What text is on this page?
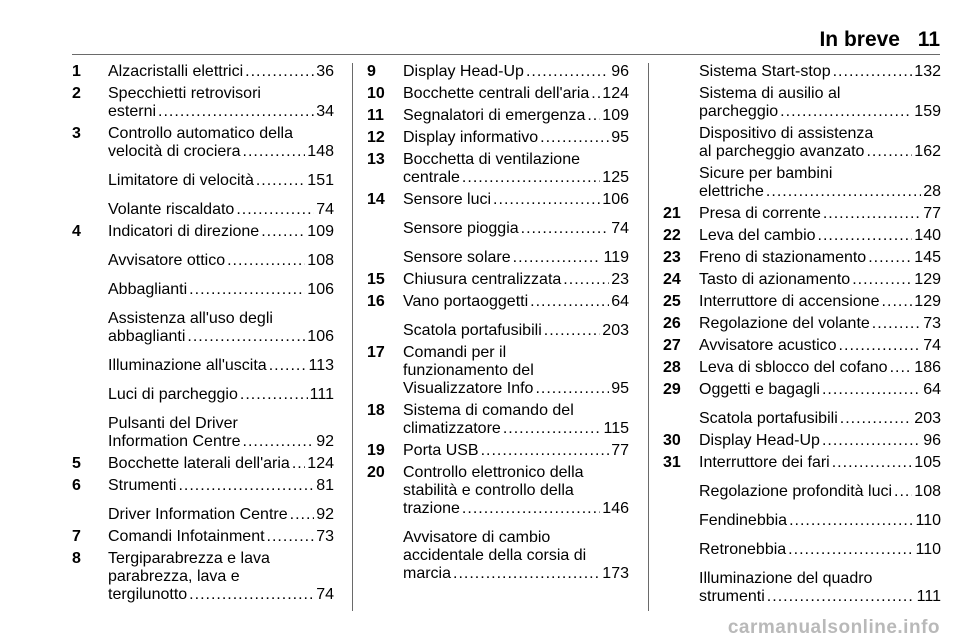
In breve 11
1 Alzacristalli elettrici .....	36
2 Specchietti retrovisori
esterni .....	34
3 Controllo automatico della
velocità di crociera .....	148
Limitatore di velocità .....	151
Volante riscaldato .....	74
4 Indicatori di direzione .....	109
Avvisatore ottico .....	108
Abbaglianti .....	106
Assistenza all'uso degli
abbaglianti .....	106
Illuminazione all'uscita .....	113
Luci di parcheggio .....	111
Pulsanti del Driver
Information Centre .....	92
5 Bocchette laterali dell'aria ..... 124
6 Strumenti .....	81
Driver Information Centre ..... 92
7 Comandi Infotainment .....	73
8 Tergiparabrezza e lava
parabrezza, lava e
tergilunotto .....	74
9 Display Head-Up .....	96
10 Bocchette centrali dell'aria ..... 124
11 Segnalatori di emergenza ..... 109
12 Display informativo .....	95
13 Bocchetta di ventilazione
centrale .....	125
14 Sensore luci .....	106
Sensore pioggia .....	74
Sensore solare .....	119
15 Chiusura centralizzata .....	23
16 Vano portaoggetti .....	64
Scatola portafusibili .....	203
17 Comandi per il
funzionamento del
Visualizzatore Info .....	95
18 Sistema di comando del
climatizzatore .....	115
19 Porta USB .....	77
20 Controllo elettronico della
stabilità e controllo della
trazione .....	146
Avvisatore di cambio
accidentale della corsia di
marcia .....	173
Sistema Start-stop .....	132
Sistema di ausilio al
parcheggio .....	159
Dispositivo di assistenza
al parcheggio avanzato .....	162
Sicure per bambini
elettriche .....	28
21 Presa di corrente .....	77
22 Leva del cambio .....	140
23 Freno di stazionamento .....	145
24 Tasto di azionamento .....	129
25 Interruttore di accensione ..... 129
26 Regolazione del volante .....	73
27 Avvisatore acustico .....	74
28 Leva di sblocco del cofano ..... 186
29 Oggetti e bagagli .....	64
Scatola portafusibili .....	203
30 Display Head-Up .....	96
31 Interruttore dei fari .....	105
Regolazione profondità luci ..... 108
Fendinebbia .....	110
Retronebbia .....	110
Illuminazione del quadro
strumenti .....	111
carmanualsonline.info
